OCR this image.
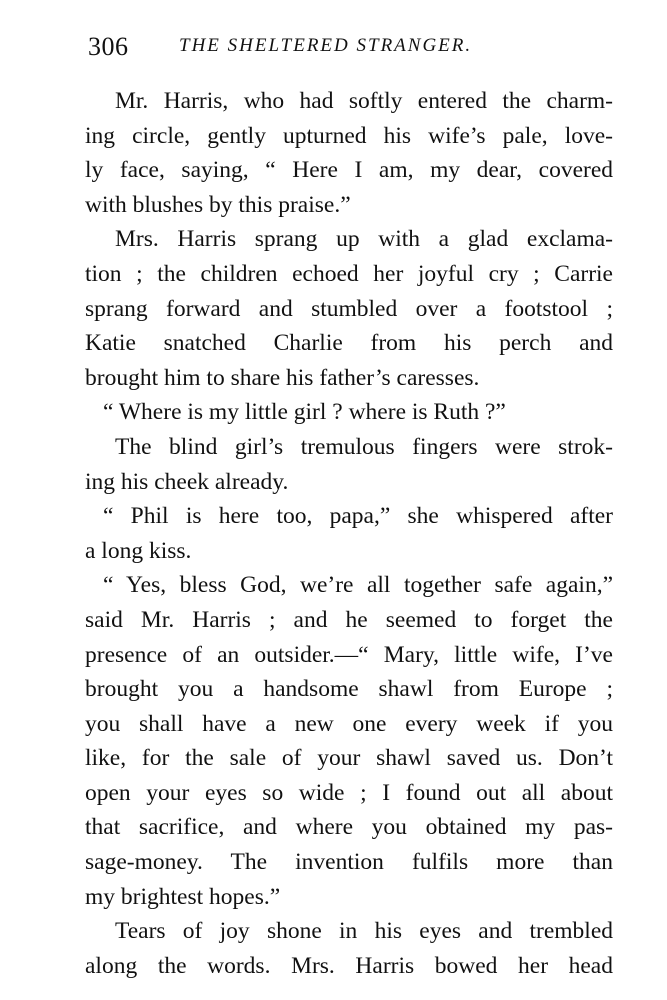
306	THE SHELTERED STRANGER.
Mr. Harris, who had softly entered the charm-
ing circle, gently upturned his wife’s pale, love-
ly face, saying, “ Here I am, my dear, covered
with blushes by this praise.”
Mrs. Harris sprang up with a glad exclama-
tion ; the children echoed her joyful cry ; Carrie
sprang forward and stumbled over a footstool ;
Katie snatched Charlie from his perch and
brought him to share his father’s caresses.
“ Where is my little girl ? where is Ruth ?”
The blind girl’s tremulous fingers were strok-
ing his cheek already.
“ Phil is here too, papa,” she whispered after
a long kiss.
“ Yes, bless God, we’re all together safe again,”
said Mr. Harris ; and he seemed to forget the
presence of an outsider.—“ Mary, little wife, I’ve
brought you a handsome shawl from Europe ;
you shall have a new one every week if you
like, for the sale of your shawl saved us. Don’t
open your eyes so wide ; I found out all about
that sacrifice, and where you obtained my pas-
sage-money. The invention fulfils more than
my brightest hopes.”
Tears of joy shone in his eyes and trembled
along the words. Mrs. Harris bowed her head
